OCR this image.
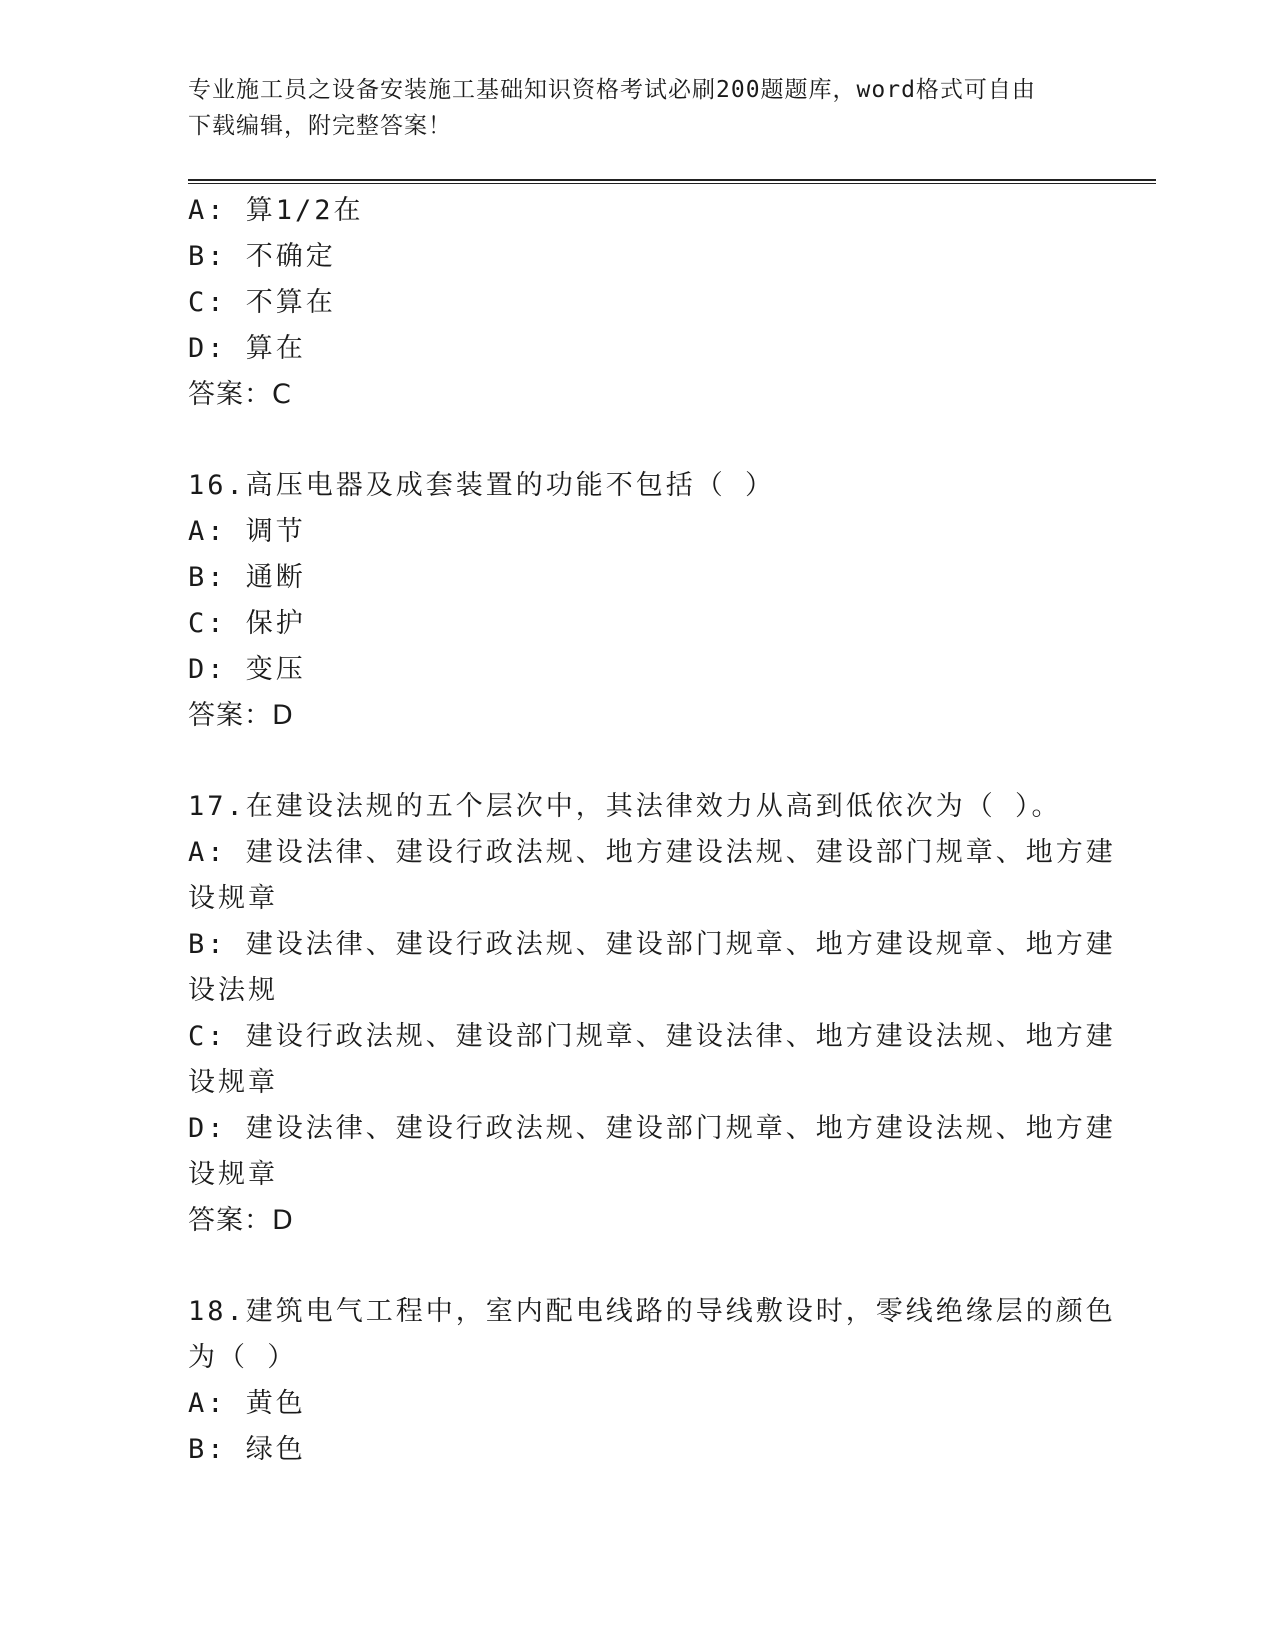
专业施工员之设备安装施工基础知识资格考试必刷200题题库，word格式可自由
下载编辑，附完整答案！
A: 算1/2在
B: 不确定
C: 不算在
D: 算在
答案：C
16.高压电器及成套装置的功能不包括（ ）
A: 调节
B: 通断
C: 保护
D: 变压
答案：D
17.在建设法规的五个层次中，其法律效力从高到低依次为（ ）。
A: 建设法律、建设行政法规、地方建设法规、建设部门规章、地方建
设规章
B: 建设法律、建设行政法规、建设部门规章、地方建设规章、地方建
设法规
C: 建设行政法规、建设部门规章、建设法律、地方建设法规、地方建
设规章
D: 建设法律、建设行政法规、建设部门规章、地方建设法规、地方建
设规章
答案：D
18.建筑电气工程中，室内配电线路的导线敷设时，零线绝缘层的颜色
为（ ）
A: 黄色
B: 绿色
